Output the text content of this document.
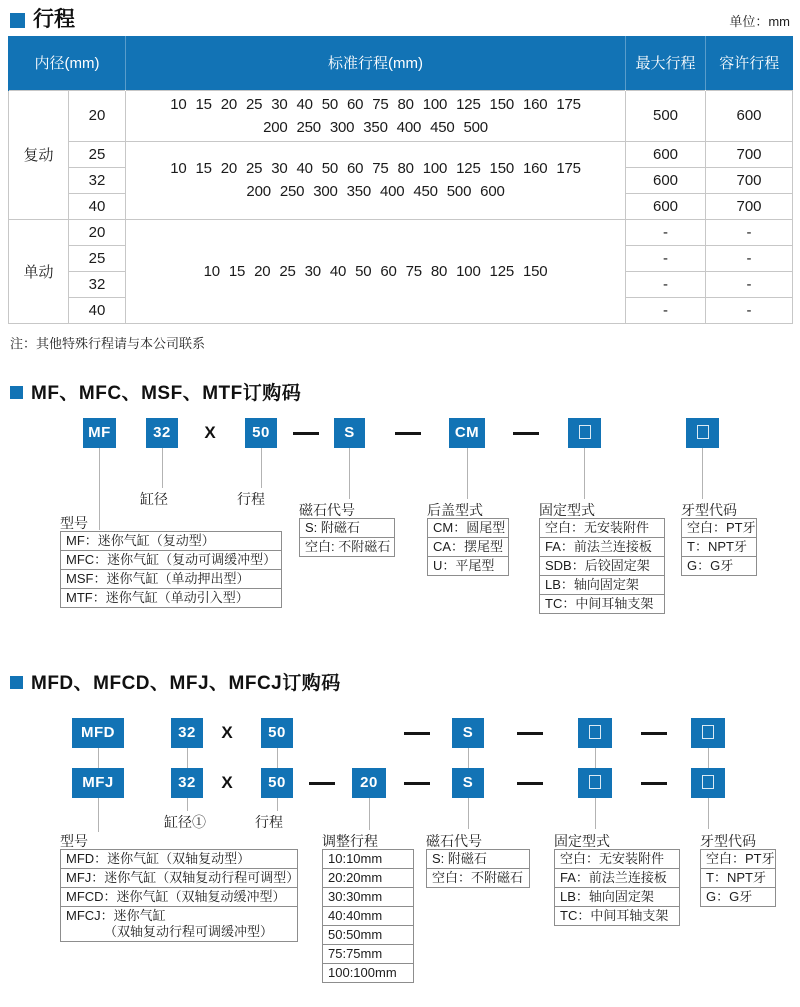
行程	单位：mm
内径(mm)		标准行程(mm)	最大行程	容许行程
复动	20	10 15 20 25 30 40 50 60 75 80 100 125 150 160 175
200 250 300 350 400 450 500	500	600
	25	10 15 20 25 30 40 50 60 75 80 100 125 150 160 175
200 250 300 350 400 450 500 600	600	700
	32		600	700
	40		600	700
单动	20	10 15 20 25 30 40 50 60 75 80 100 125 150	-	-
	25		-	-
	32		-	-
	40		-	-
注：其他特殊行程请与本公司联系
MF、MFC、MSF、MTF订购码
MF	32	X	50	S	CM
缸径	行程
型号
MF：迷你气缸（复动型）
MFC：迷你气缸（复动可调缓冲型）
MSF：迷你气缸（单动押出型）
MTF：迷你气缸（单动引入型）
磁石代号
S: 附磁石
空白: 不附磁石
后盖型式
CM：圆尾型
CA：摆尾型
U：平尾型
固定型式
空白：无安装附件
FA：前法兰连接板
SDB：后铰固定架
LB：轴向固定架
TC：中间耳轴支架
牙型代码
空白：PT牙
T：NPT牙
G：G牙
MFD、MFCD、MFJ、MFCJ订购码
MFD	32	X	50	S
MFJ	32	X	50	20	S
缸径①	行程
型号
MFD：迷你气缸（双轴复动型）
MFJ：迷你气缸（双轴复动行程可调型）
MFCD：迷你气缸（双轴复动缓冲型）
MFCJ：迷你气缸
（双轴复动行程可调缓冲型）
调整行程
10:10mm
20:20mm
30:30mm
40:40mm
50:50mm
75:75mm
100:100mm
磁石代号
S: 附磁石
空白：不附磁石
固定型式
空白：无安装附件
FA：前法兰连接板
LB：轴向固定架
TC：中间耳轴支架
牙型代码
空白：PT牙
T：NPT牙
G：G牙
